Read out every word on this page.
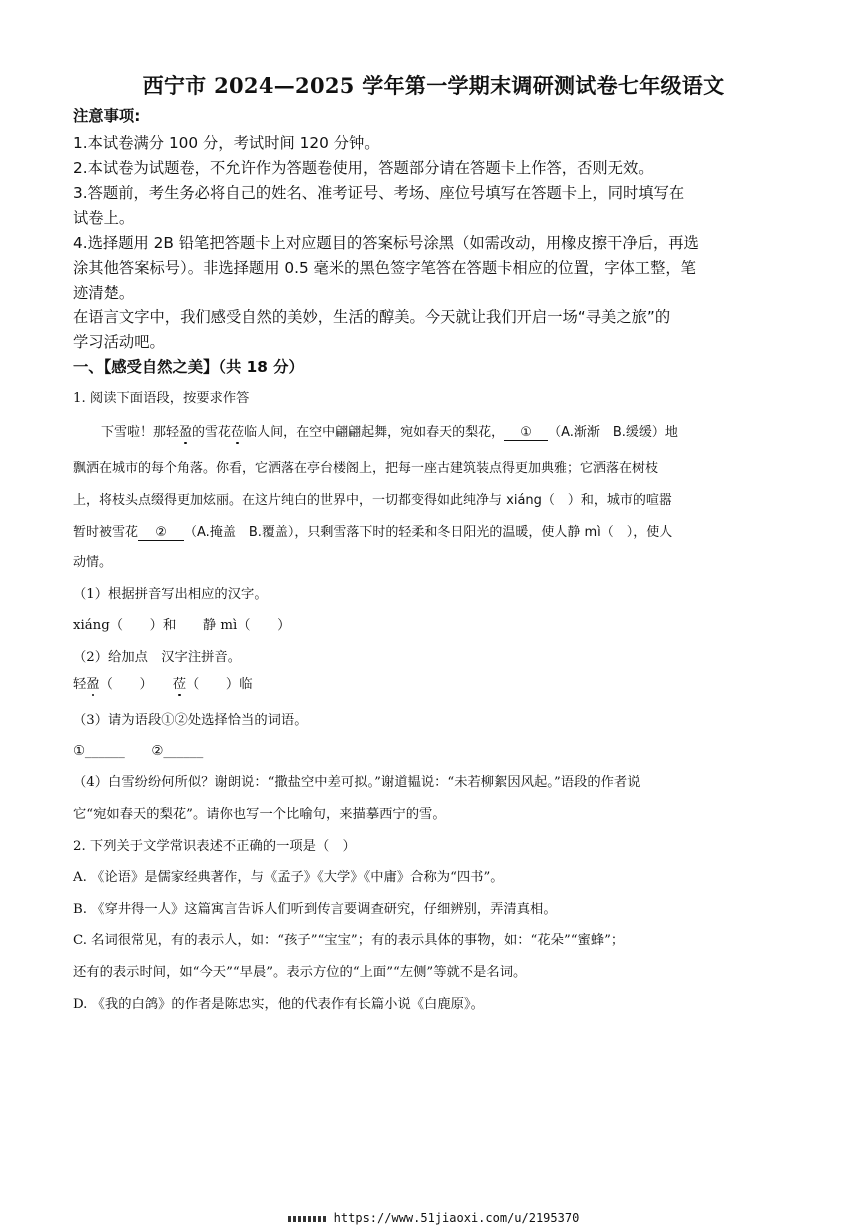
西宁市 2024—2025 学年第一学期末调研测试卷七年级语文
注意事项:
1.本试卷满分 100 分，考试时间 120 分钟。
2.本试卷为试题卷，不允许作为答题卷使用，答题部分请在答题卡上作答，否则无效。
3.答题前，考生务必将自己的姓名、准考证号、考场、座位号填写在答题卡上，同时填写在
试卷上。
4.选择题用 2B 铅笔把答题卡上对应题目的答案标号涂黑（如需改动，用橡皮擦干净后，再选
涂其他答案标号）。非选择题用 0.5 毫米的黑色签字笔答在答题卡相应的位置，字体工整，笔
迹清楚。
在语言文字中，我们感受自然的美妙，生活的醇美。今天就让我们开启一场“寻美之旅”的
学习活动吧。
一、【感受自然之美】（共 18 分）
1. 阅读下面语段，按要求作答
下雪啦！那轻盈的雪花莅临人间，在空中翩翩起舞，宛如春天的梨花， ① （A.渐渐　B.缓缓）地
飘洒在城市的每个角落。你看，它洒落在亭台楼阁上，把每一座古建筑装点得更加典雅；它洒落在树枝
上，将枝头点缀得更加炫丽。在这片纯白的世界中，一切都变得如此纯净与 xiáng（　）和，城市的喧嚣
暂时被雪花 ② （A.掩盖　B.覆盖），只剩雪落下时的轻柔和冬日阳光的温暖，使人静 mì（　），使人
动情。
（1）根据拼音写出相应的汉字。
xiáng（　　）和　　静 mì（　　）
（2）给加点　汉字注拼音。
轻盈（　　）　　莅（　　）临
（3）请为语段①②处选择恰当的词语。
①______　　②______
（4）白雪纷纷何所似？谢朗说：“撒盐空中差可拟。”谢道韫说：“未若柳絮因风起。”语段的作者说
它“宛如春天的梨花”。请你也写一个比喻句，来描摹西宁的雪。
2. 下列关于文学常识表述不正确的一项是（　）
A. 《论语》是儒家经典著作，与《孟子》《大学》《中庸》合称为“四书”。
B. 《穿井得一人》这篇寓言告诉人们听到传言要调查研究，仔细辨别，弄清真相。
C. 名词很常见，有的表示人，如：“孩子”“宝宝”；有的表示具体的事物，如：“花朵”“蜜蜂”；
还有的表示时间，如“今天”“早晨”。表示方位的“上面”“左侧”等就不是名词。
D. 《我的白鸽》的作者是陈忠实，他的代表作有长篇小说《白鹿原》。
https://www.51jiaoxi.com/u/2195370
